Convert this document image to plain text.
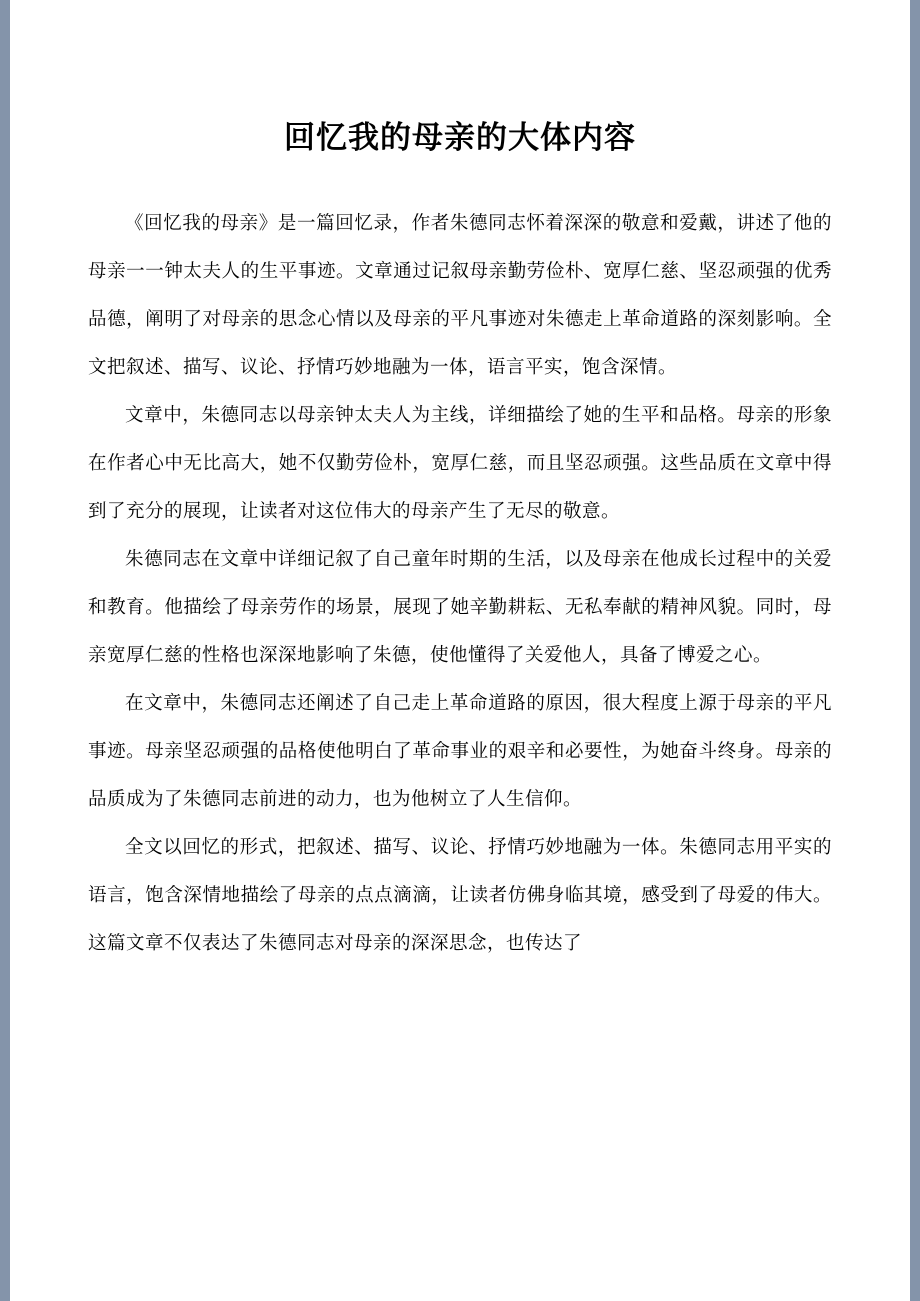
回忆我的母亲的大体内容

《回忆我的母亲》是一篇回忆录，作者朱德同志怀着深深的敬意和爱戴，讲述了他的母亲一一钟太夫人的生平事迹。文章通过记叙母亲勤劳俭朴、宽厚仁慈、坚忍顽强的优秀品德，阐明了对母亲的思念心情以及母亲的平凡事迹对朱德走上革命道路的深刻影响。全文把叙述、描写、议论、抒情巧妙地融为一体，语言平实，饱含深情。

文章中，朱德同志以母亲钟太夫人为主线，详细描绘了她的生平和品格。母亲的形象在作者心中无比高大，她不仅勤劳俭朴，宽厚仁慈，而且坚忍顽强。这些品质在文章中得到了充分的展现，让读者对这位伟大的母亲产生了无尽的敬意。

朱德同志在文章中详细记叙了自己童年时期的生活，以及母亲在他成长过程中的关爱和教育。他描绘了母亲劳作的场景，展现了她辛勤耕耘、无私奉献的精神风貌。同时，母亲宽厚仁慈的性格也深深地影响了朱德，使他懂得了关爱他人，具备了博爱之心。

在文章中，朱德同志还阐述了自己走上革命道路的原因，很大程度上源于母亲的平凡事迹。母亲坚忍顽强的品格使他明白了革命事业的艰辛和必要性，为她奋斗终身。母亲的品质成为了朱德同志前进的动力，也为他树立了人生信仰。

全文以回忆的形式，把叙述、描写、议论、抒情巧妙地融为一体。朱德同志用平实的语言，饱含深情地描绘了母亲的点点滴滴，让读者仿佛身临其境，感受到了母爱的伟大。这篇文章不仅表达了朱德同志对母亲的深深思念，也传达了
